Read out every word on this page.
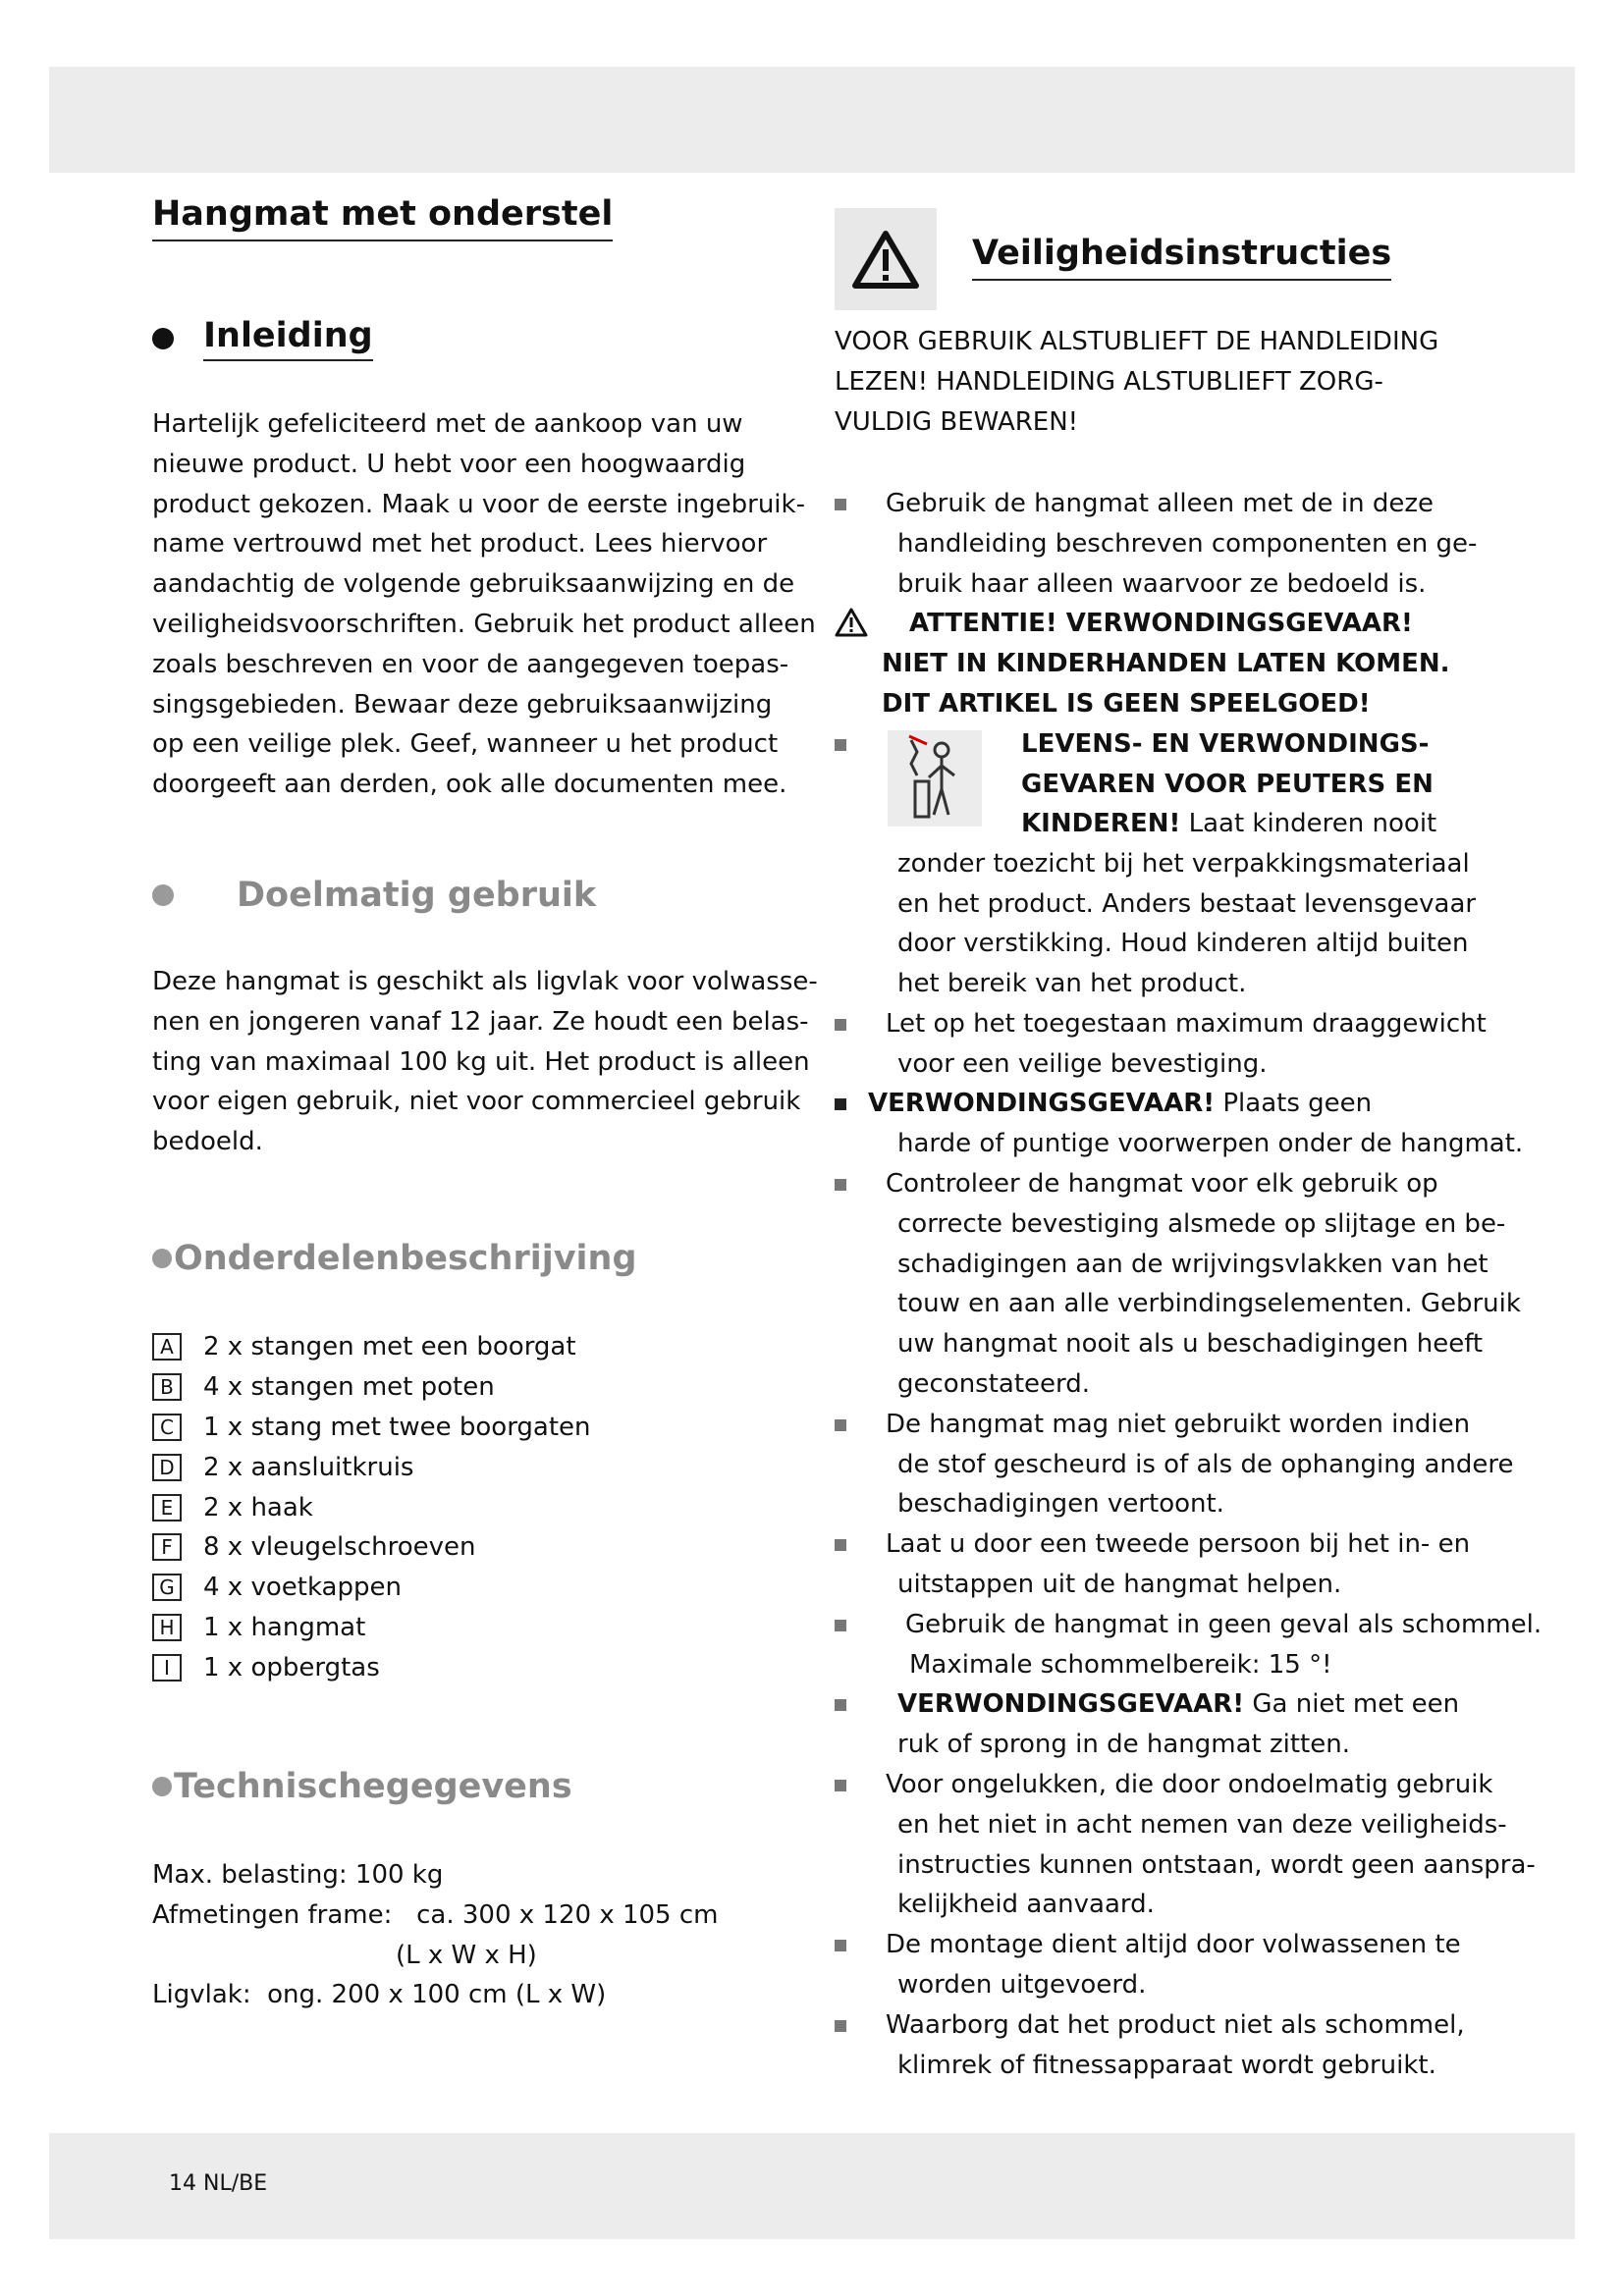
Hangmat met onderstel
Inleiding
Hartelijk gefeliciteerd met de aankoop van uw
nieuwe product. U hebt voor een hoogwaardig
product gekozen. Maak u voor de eerste ingebruik-
name vertrouwd met het product. Lees hiervoor
aandachtig de volgende gebruiksaanwijzing en de
veiligheidsvoorschriften. Gebruik het product alleen
zoals beschreven en voor de aangegeven toepas-
singsgebieden. Bewaar deze gebruiksaanwijzing
op een veilige plek. Geef, wanneer u het product
doorgeeft aan derden, ook alle documenten mee.
Doelmatig gebruik
Deze hangmat is geschikt als ligvlak voor volwasse-
nen en jongeren vanaf 12 jaar. Ze houdt een belas-
ting van maximaal 100 kg uit. Het product is alleen
voor eigen gebruik, niet voor commercieel gebruik
bedoeld.
Onderdelenbeschrijving
A	2 x stangen met een boorgat
B	4 x stangen met poten
C	1 x stang met twee boorgaten
D 2 x aansluitkruis
E	2 x haak
F	8 x vleugelschroeven
G 4 x voetkappen
H 1 x hangmat
I	1 x opbergtas
Technischegegevens
Max. belasting: 100 kg
Afmetingen frame:   ca. 300 x 120 x 105 cm
(L x W x H)
Ligvlak:  ong. 200 x 100 cm (L x W)
Veiligheidsinstructies
VOOR GEBRUIK ALSTUBLIEFT DE HANDLEIDING
LEZEN! HANDLEIDING ALSTUBLIEFT ZORG-
VULDIG BEWAREN!
Gebruik de hangmat alleen met de in deze
handleiding beschreven componenten en ge-
bruik haar alleen waarvoor ze bedoeld is.
ATTENTIE! VERWONDINGSGEVAAR!
NIET IN KINDERHANDEN LATEN KOMEN.
DIT ARTIKEL IS GEEN SPEELGOED!
LEVENS- EN VERWONDINGS-
GEVAREN VOOR PEUTERS EN
KINDEREN! Laat kinderen nooit
zonder toezicht bij het verpakkingsmateriaal
en het product. Anders bestaat levensgevaar
door verstikking. Houd kinderen altijd buiten
het bereik van het product.
Let op het toegestaan maximum draaggewicht
voor een veilige bevestiging.
VERWONDINGSGEVAAR! Plaats geen
harde of puntige voorwerpen onder de hangmat.
Controleer de hangmat voor elk gebruik op
correcte bevestiging alsmede op slijtage en be-
schadigingen aan de wrijvingsvlakken van het
touw en aan alle verbindingselementen. Gebruik
uw hangmat nooit als u beschadigingen heeft
geconstateerd.
De hangmat mag niet gebruikt worden indien
de stof gescheurd is of als de ophanging andere
beschadigingen vertoont.
Laat u door een tweede persoon bij het in- en
uitstappen uit de hangmat helpen.
Gebruik de hangmat in geen geval als schommel.
Maximale schommelbereik: 15 °!
VERWONDINGSGEVAAR! Ga niet met een
ruk of sprong in de hangmat zitten.
Voor ongelukken, die door ondoelmatig gebruik
en het niet in acht nemen van deze veiligheids-
instructies kunnen ontstaan, wordt geen aanspra-
kelijkheid aanvaard.
De montage dient altijd door volwassenen te
worden uitgevoerd.
Waarborg dat het product niet als schommel,
klimrek of fitnessapparaat wordt gebruikt.
14 NL/BE
